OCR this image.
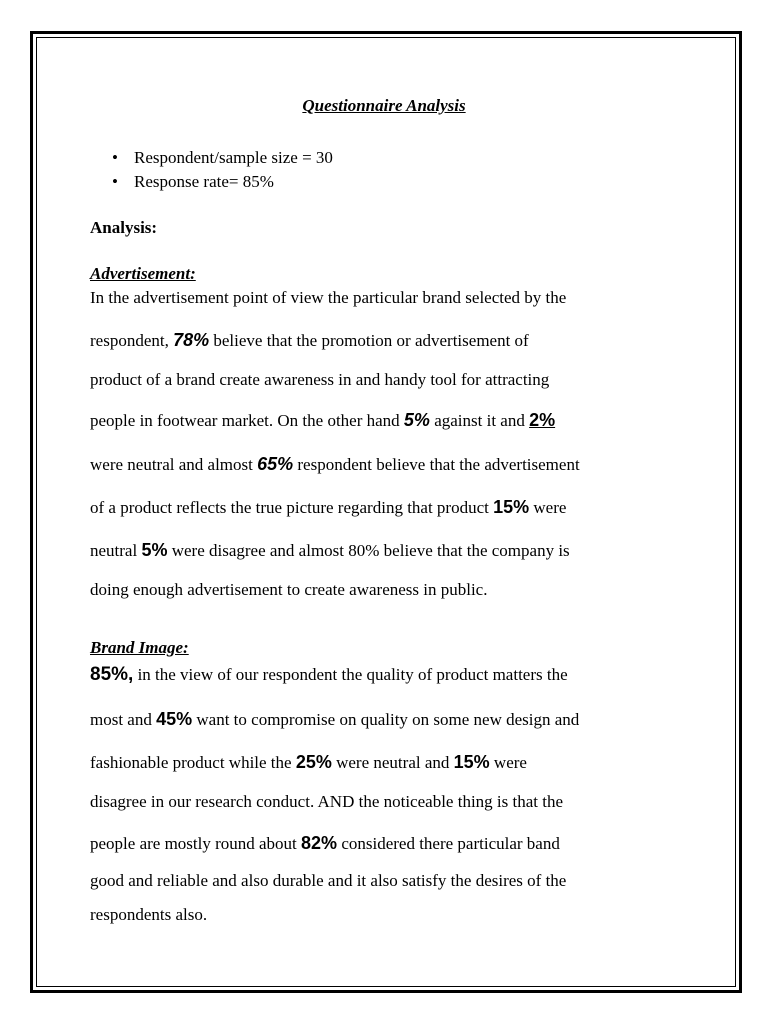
Questionnaire Analysis
• Respondent/sample size = 30
• Response rate= 85%
Analysis:
Advertisement:
In the advertisement point of view the particular brand selected by the
respondent, 78% believe that the promotion or advertisement of
product of a brand create awareness in and handy tool for attracting
people in footwear market. On the other hand 5% against it and 2%
were neutral and almost 65% respondent believe that the advertisement
of a product reflects the true picture regarding that product 15% were
neutral 5% were disagree and almost 80% believe that the company is
doing enough advertisement to create awareness in public.
Brand Image:
85%, in the view of our respondent the quality of product matters the
most and 45% want to compromise on quality on some new design and
fashionable product while the 25% were neutral and 15% were
disagree in our research conduct. AND the noticeable thing is that the
people are mostly round about 82% considered there particular band
good and reliable and also durable and it also satisfy the desires of the
respondents also.
